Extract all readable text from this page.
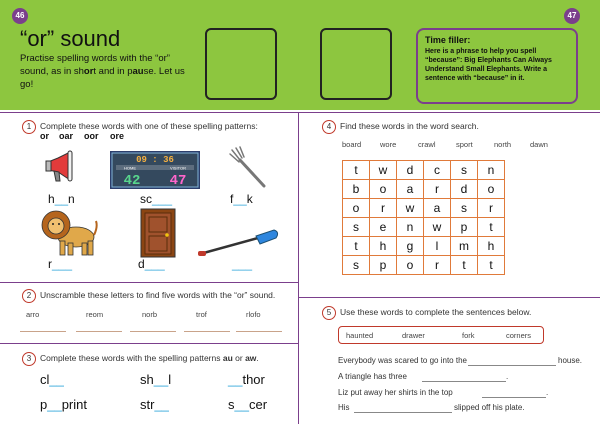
46	47
“or” sound
Practise spelling words with the “or” sound, as in short and in pause. Let us go!
Time filler:
Here is a phrase to help you spell “because”: Big Elephants Can Always Understand Small Elephants. Write a sentence with “because” in it.
1	Complete these words with one of these spelling patterns:
or oar oor ore
09 : 36
HOME	VISITOR
42 47
h__n	sc___	f__k
r___	d___	___
2	Unscramble these letters to find five words with the “or” sound.
arro	reom	norb	trof	rlofo
3	Complete these words with the spelling patterns au or aw.
cl__	sh__l	__thor
p__print	str__	s__cer
4	Find these words in the word search.
board	wore	crawl	sport	north	dawn
t	w	d	c	s	n
b	o	a	r	d	o
o	r	w	a	s	r
s	e	n	w	p	t
t	h	g	l	m	h
s	p	o	r	t	t
5	Use these words to complete the sentences below.
haunted	drawer	fork	corners
Everybody was scared to go into the	house.
A triangle has three	.
Liz put away her shirts in the top	.
His	slipped off his plate.
